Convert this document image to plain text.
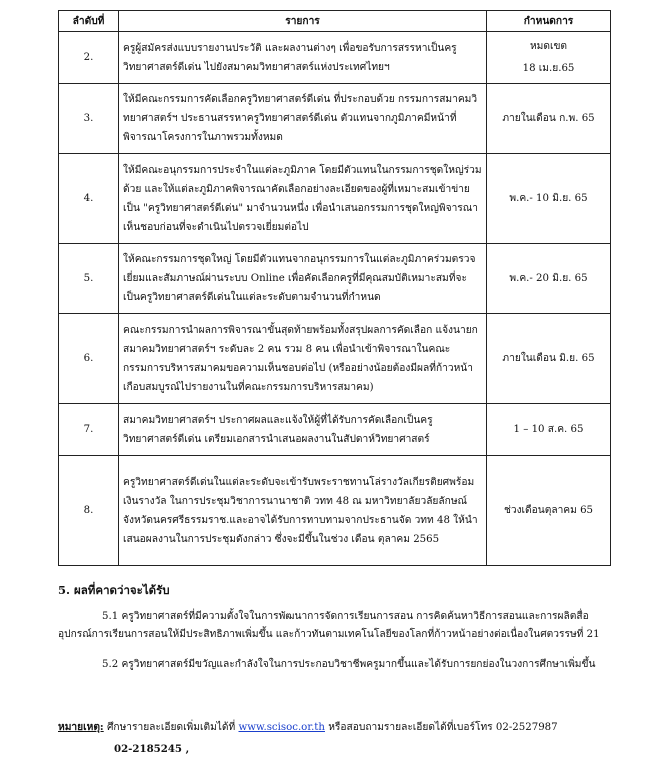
ลำดับที่	รายการ	กำหนดการ
2.	ครูผู้สมัครส่งแบบรายงานประวัติ และผลงานต่างๆ เพื่อขอรับการสรรหาเป็นครูวิทยาศาสตร์ดีเด่น ไปยังสมาคมวิทยาศาสตร์แห่งประเทศไทยฯ	หมดเขต
18 เม.ย.65
3.	ให้มีคณะกรรมการคัดเลือกครูวิทยาศาสตร์ดีเด่น ที่ประกอบด้วย กรรมการสมาคมวิทยาศาสตร์ฯ ประธานสรรหาครูวิทยาศาสตร์ดีเด่น ตัวแทนจากภูมิภาคมีหน้าที่พิจารณาโครงการในภาพรวมทั้งหมด	ภายในเดือน ก.พ. 65
4.	ให้มีคณะอนุกรรมการประจำในแต่ละภูมิภาค โดยมีตัวแทนในกรรมการชุดใหญ่ร่วมด้วย และให้แต่ละภูมิภาคพิจารณาคัดเลือกอย่างละเอียดของผู้ที่เหมาะสมเข้าข่ายเป็น "ครูวิทยาศาสตร์ดีเด่น" มาจำนวนหนึ่ง เพื่อนำเสนอกรรมการชุดใหญ่พิจารณาเห็นชอบก่อนที่จะดำเนินไปตรวจเยี่ยมต่อไป	พ.ค.- 10 มิ.ย. 65
5.	ให้คณะกรรมการชุดใหญ่ โดยมีตัวแทนจากอนุกรรมการในแต่ละภูมิภาคร่วมตรวจเยี่ยมและสัมภาษณ์ผ่านระบบ Online เพื่อคัดเลือกครูที่มีคุณสมบัติเหมาะสมที่จะเป็นครูวิทยาศาสตร์ดีเด่นในแต่ละระดับตามจำนวนที่กำหนด	พ.ค.- 20 มิ.ย. 65
6.	คณะกรรมการนำผลการพิจารณาขั้นสุดท้ายพร้อมทั้งสรุปผลการคัดเลือก แจ้งนายกสมาคมวิทยาศาสตร์ฯ ระดับละ 2 คน รวม 8 คน เพื่อนำเข้าพิจารณาในคณะกรรมการบริหารสมาคมขอความเห็นชอบต่อไป (หรืออย่างน้อยต้องมีผลที่ก้าวหน้าเกือบสมบูรณ์ไปรายงานในที่คณะกรรมการบริหารสมาคม)	ภายในเดือน มิ.ย. 65
7.	สมาคมวิทยาศาสตร์ฯ ประกาศผลและแจ้งให้ผู้ที่ได้รับการคัดเลือกเป็นครูวิทยาศาสตร์ดีเด่น เตรียมเอกสารนำเสนอผลงานในสัปดาห์วิทยาศาสตร์	1 – 10 ส.ค. 65
8.	ครูวิทยาศาสตร์ดีเด่นในแต่ละระดับจะเข้ารับพระราชทานโล่รางวัลเกียรติยศพร้อมเงินรางวัล ในการประชุมวิชาการนานาชาติ วทท 48 ณ มหาวิทยาลัยวลัยลักษณ์ จังหวัดนครศรีธรรมราช.และอาจได้รับการทาบทามจากประธานจัด วทท 48 ให้นำเสนอผลงานในการประชุมดังกล่าว ซึ่งจะมีขึ้นในช่วง เดือน ตุลาคม 2565	ช่วงเดือนตุลาคม 65
5. ผลที่คาดว่าจะได้รับ
5.1 ครูวิทยาศาสตร์ที่มีความตั้งใจในการพัฒนาการจัดการเรียนการสอน การคิดค้นหาวิธีการสอนและการผลิตสื่ออุปกรณ์การเรียนการสอนให้มีประสิทธิภาพเพิ่มขึ้น และก้าวทันตามเทคโนโลยีของโลกที่ก้าวหน้าอย่างต่อเนื่องในศตวรรษที่ 21
5.2 ครูวิทยาศาสตร์มีขวัญและกำลังใจในการประกอบวิชาชีพครูมากขึ้นและได้รับการยกย่องในวงการศึกษาเพิ่มขึ้น
หมายเหตุ: ศึกษารายละเอียดเพิ่มเติมได้ที่ www.scisoc.or.th หรือสอบถามรายละเอียดได้ที่เบอร์โทร 02-2527987
02-2185245 ,
